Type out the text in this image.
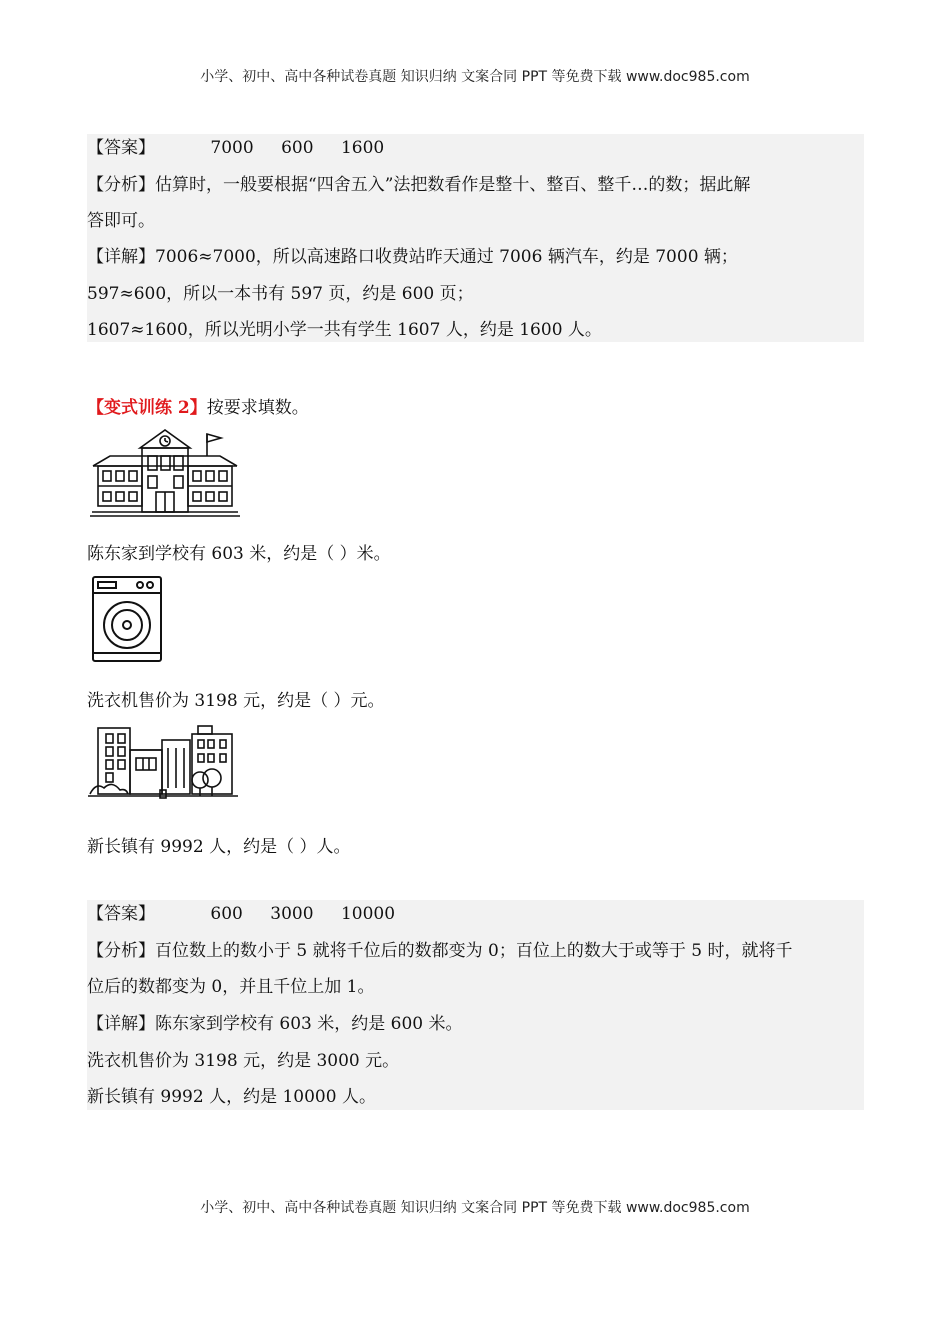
小学、初中、高中各种试卷真题 知识归纳 文案合同 PPT 等免费下载 www.doc985.com
【答案】	7000 600 1600
【分析】估算时，一般要根据“四舍五入”法把数看作是整十、整百、整千…的数；据此解
答即可。
【详解】7006≈7000，所以高速路口收费站昨天通过 7006 辆汽车，约是 7000 辆；
597≈600，所以一本书有 597 页，约是 600 页；
1607≈1600，所以光明小学一共有学生 1607 人，约是 1600 人。
【变式训练 2】按要求填数。
陈东家到学校有 603 米，约是（ ）米。
洗衣机售价为 3198 元，约是（ ）元。
新长镇有 9992 人，约是（ ）人。
【答案】	600 3000 10000
【分析】百位数上的数小于 5 就将千位后的数都变为 0；百位上的数大于或等于 5 时，就将千
位后的数都变为 0，并且千位上加 1。
【详解】陈东家到学校有 603 米，约是 600 米。
洗衣机售价为 3198 元，约是 3000 元。
新长镇有 9992 人，约是 10000 人。
小学、初中、高中各种试卷真题 知识归纳 文案合同 PPT 等免费下载 www.doc985.com
